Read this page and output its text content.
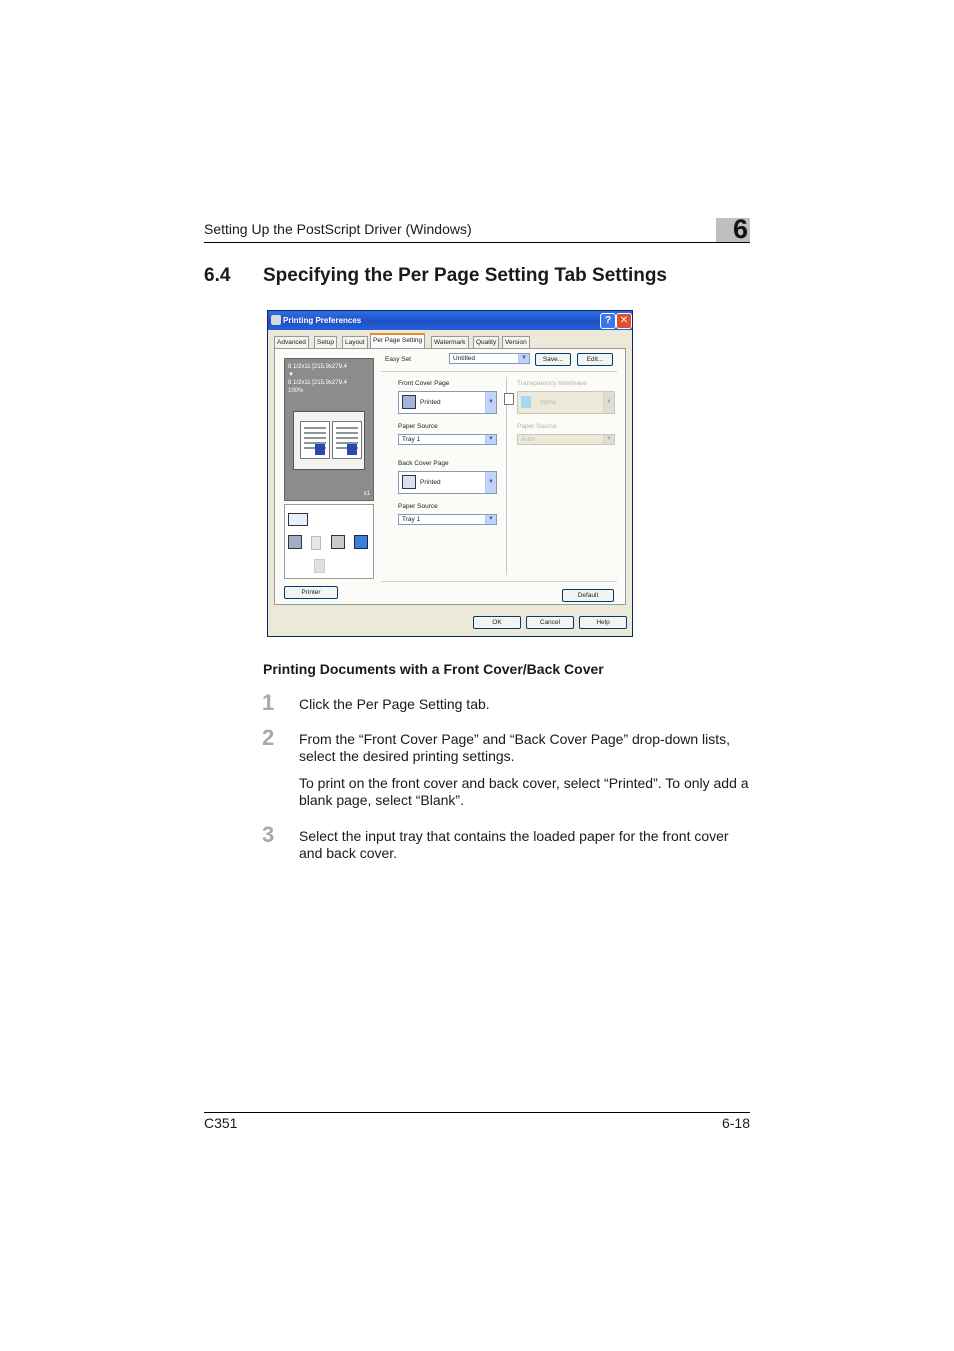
Setting Up the PostScript Driver (Windows)	6
6.4 Specifying the Per Page Setting Tab Settings
Printing Preferences	? ✕
Advanced	Setup	Layout	Per Page Setting	Watermark	Quality	Version
8 1/2x11 [215.9x279.4
▼
8 1/2x11 [215.9x279.4
100%
x1
Easy Set	Untitled	▼	Save...	Edit...
Front Cover Page
Printed	▼
Paper Source
Tray 1	▼
Back Cover Page
Printed	▼
Paper Source
Tray 1	▼
Transparency Interleave
None	▼
Paper Source
Auto	▼
Printer	Default
OK	Cancel	Help
Printing Documents with a Front Cover/Back Cover
1 Click the Per Page Setting tab.
2 From the “Front Cover Page” and “Back Cover Page” drop-down lists, select the desired printing settings.
To print on the front cover and back cover, select “Printed”. To only add a blank page, select “Blank”.
3 Select the input tray that contains the loaded paper for the front cover and back cover.
C351	6-18
